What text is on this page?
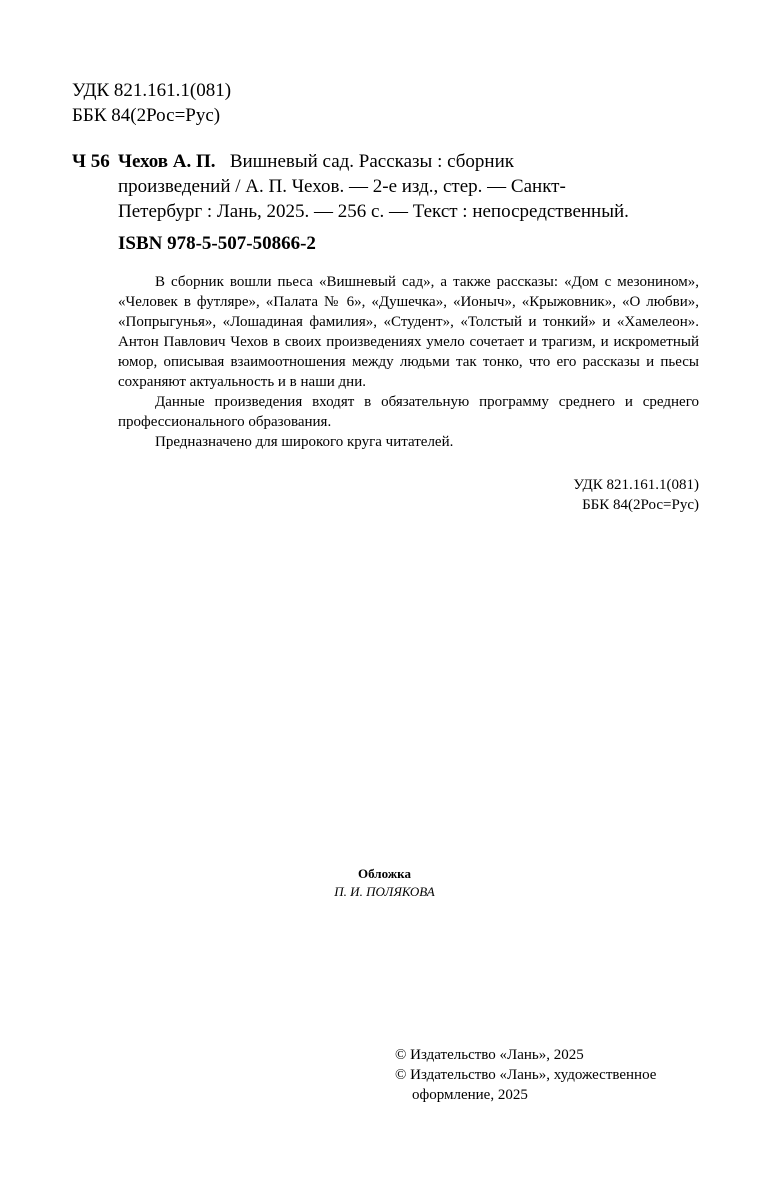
УДК 821.161.1(081)
ББК 84(2Рос=Рус)
Ч 56 Чехов А. П. Вишневый сад. Рассказы : сборник

произведений / А. П. Чехов. — 2-е изд., стер. — Санкт-

Петербург : Лань, 2025. — 256 с. — Текст : непосредственный.

ISBN 978-5-507-50866-2

В сборник вошли пьеса «Вишневый сад», а также рассказы: «Дом с мезонином», «Человек в футляре», «Палата № 6», «Душечка», «Ионыч», «Крыжовник», «О любви», «Попрыгунья», «Лошадиная фамилия», «Студент», «Толстый и тонкий» и «Хамелеон». Антон Павлович Чехов в своих произведениях умело сочетает и трагизм, и искрометный юмор, описывая взаимоотношения между людьми так тонко, что его рассказы и пьесы сохраняют актуальность и в наши дни.

Данные произведения входят в обязательную программу среднего и среднего профессионального образования.

Предназначено для широкого круга читателей.

УДК 821.161.1(081)
ББК 84(2Рос=Рус)
Обложка
П. И. ПОЛЯКОВА
© Издательство «Лань», 2025
© Издательство «Лань», художественное
оформление, 2025
